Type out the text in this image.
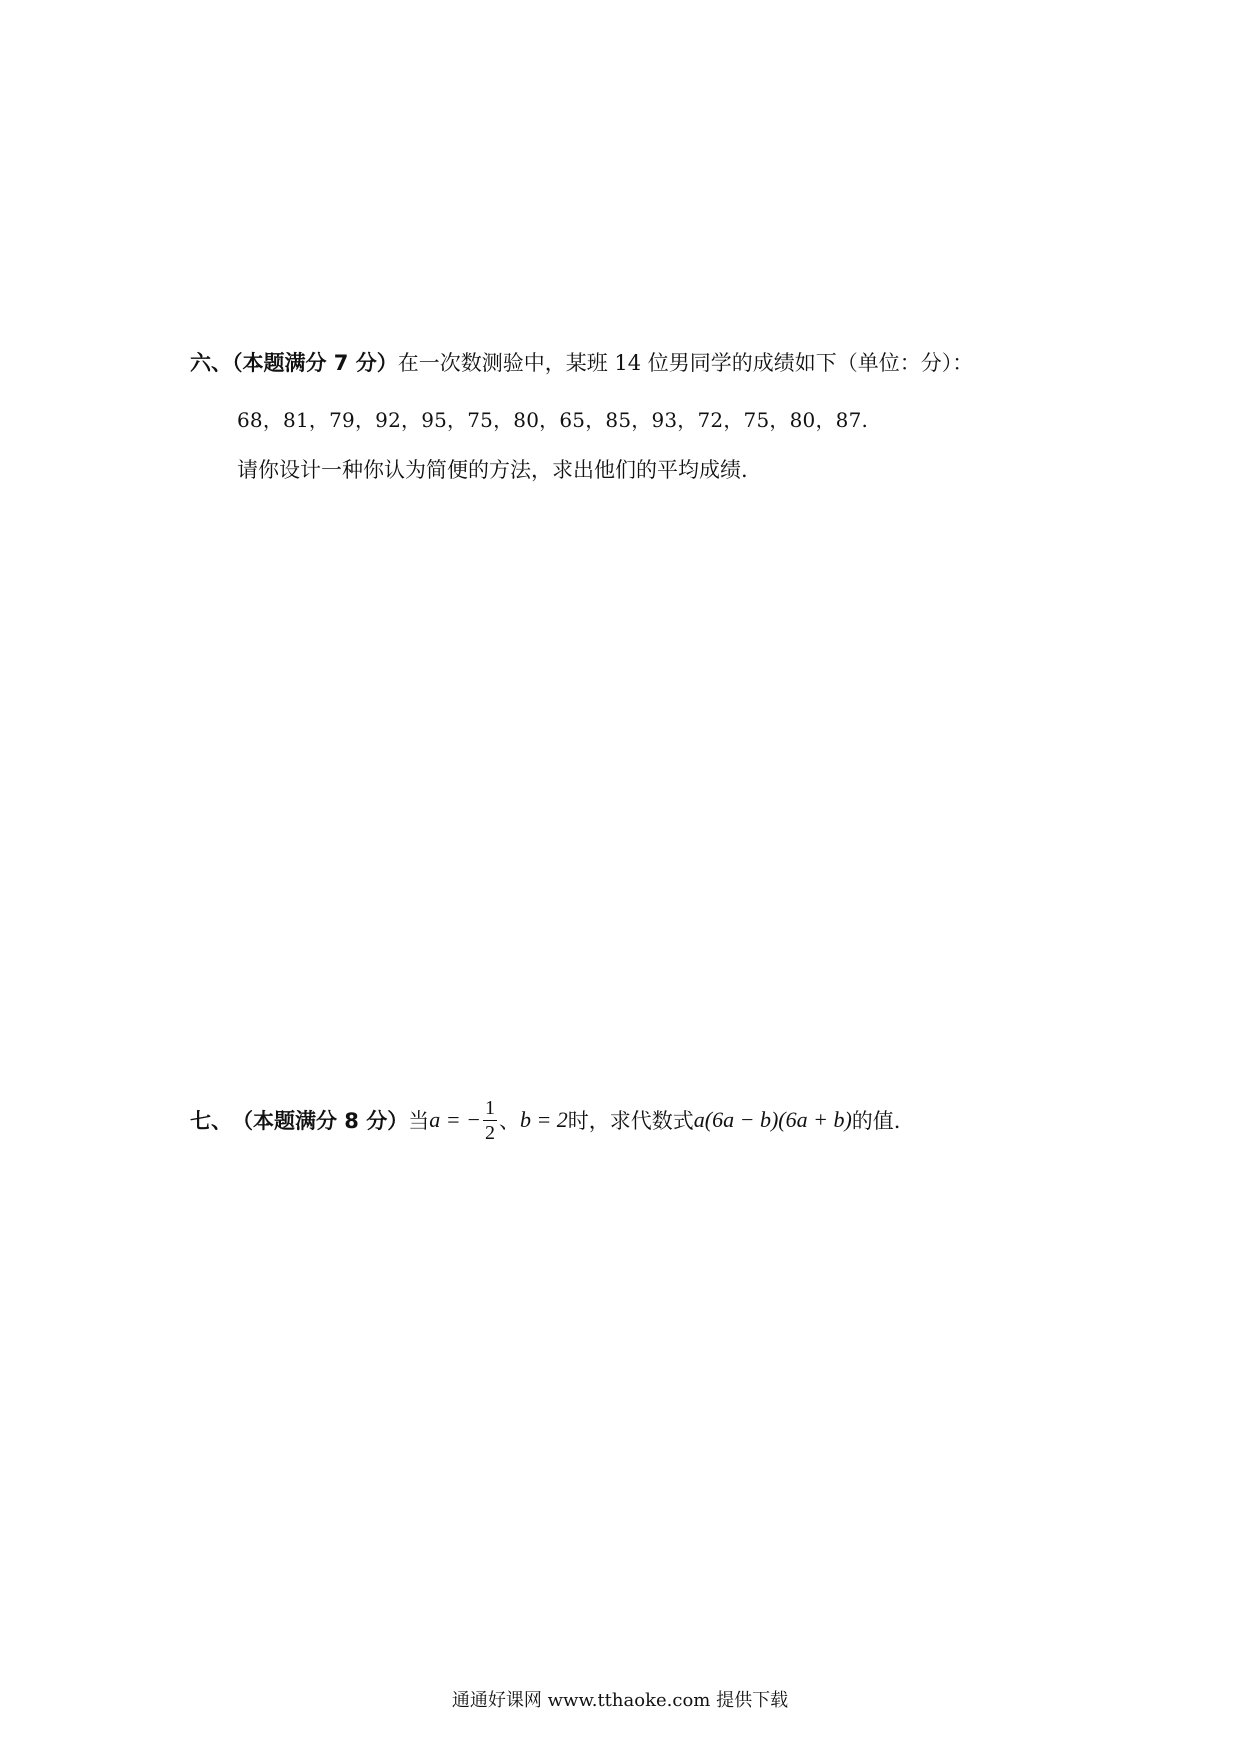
六、（本题满分 7 分）在一次数测验中，某班 14 位男同学的成绩如下（单位：分）：
68，81，79，92，95，75，80，65，85，93，72，75，80，87.
请你设计一种你认为简便的方法，求出他们的平均成绩.
七、 （本题满分 8 分） 当 a = − $\frac{1}{2}$ 、 b = 2 时，求代数式 a(6a − b)(6a + b) 的值.
通通好课网 www.tthaoke.com 提供下载
